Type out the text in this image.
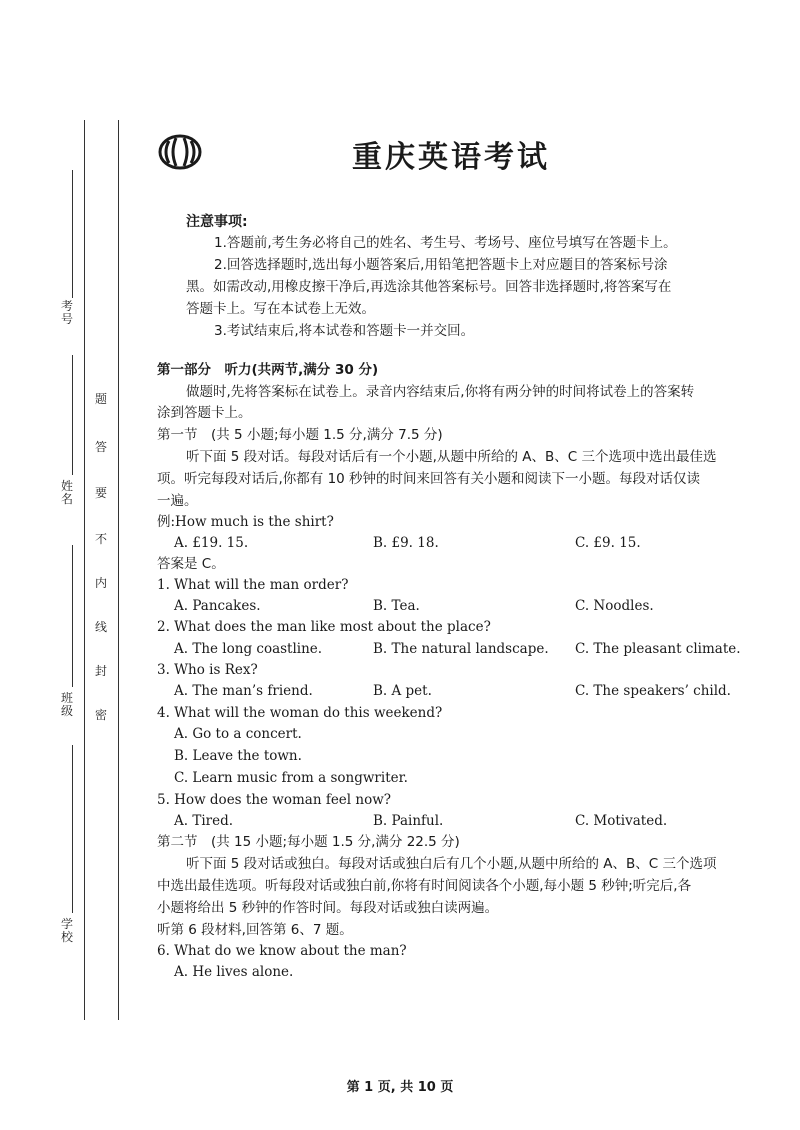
考号
姓名
班级
学校
题
答
要
不
内
线
封
密
重庆英语考试
注意事项:
1.答题前,考生务必将自己的姓名、考生号、考场号、座位号填写在答题卡上。
2.回答选择题时,选出每小题答案后,用铅笔把答题卡上对应题目的答案标号涂
黑。如需改动,用橡皮擦干净后,再选涂其他答案标号。回答非选择题时,将答案写在
答题卡上。写在本试卷上无效。
3.考试结束后,将本试卷和答题卡一并交回。
第一部分　听力(共两节,满分 30 分)
做题时,先将答案标在试卷上。录音内容结束后,你将有两分钟的时间将试卷上的答案转
涂到答题卡上。
第一节　(共 5 小题;每小题 1.5 分,满分 7.5 分)
听下面 5 段对话。每段对话后有一个小题,从题中所给的 A、B、C 三个选项中选出最佳选
项。听完每段对话后,你都有 10 秒钟的时间来回答有关小题和阅读下一小题。每段对话仅读
一遍。
例:How much is the shirt?
A. £19. 15.	B. £9. 18.	C. £9. 15.
答案是 C。
1. What will the man order?
A. Pancakes.	B. Tea.	C. Noodles.
2. What does the man like most about the place?
A. The long coastline.	B. The natural landscape. C. The pleasant climate.
3. Who is Rex?
A. The man’s friend.	B. A pet.	C. The speakers’ child.
4. What will the woman do this weekend?
A. Go to a concert.
B. Leave the town.
C. Learn music from a songwriter.
5. How does the woman feel now?
A. Tired.	B. Painful.	C. Motivated.
第二节　(共 15 小题;每小题 1.5 分,满分 22.5 分)
听下面 5 段对话或独白。每段对话或独白后有几个小题,从题中所给的 A、B、C 三个选项
中选出最佳选项。听每段对话或独白前,你将有时间阅读各个小题,每小题 5 秒钟;听完后,各
小题将给出 5 秒钟的作答时间。每段对话或独白读两遍。
听第 6 段材料,回答第 6、7 题。
6. What do we know about the man?
A. He lives alone.
第 1 页, 共 10 页
